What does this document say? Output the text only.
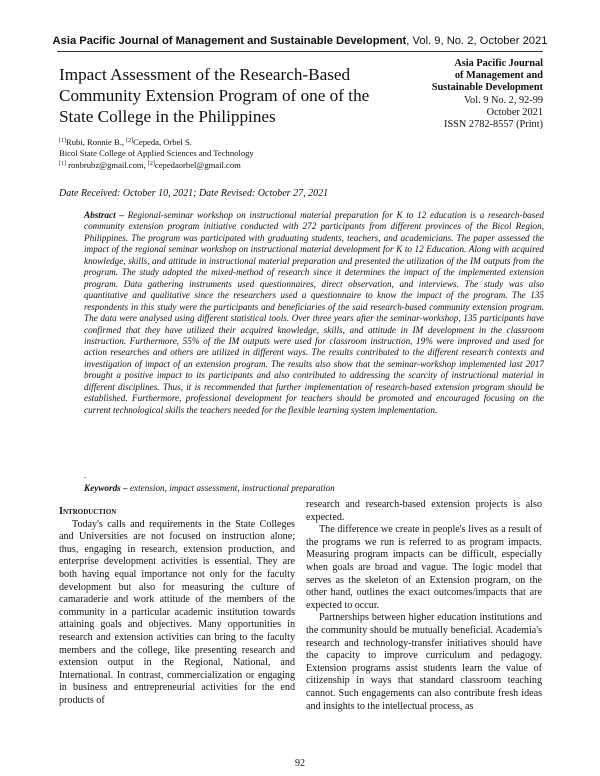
Asia Pacific Journal of Management and Sustainable Development, Vol. 9, No. 2, October 2021
Impact Assessment of the Research-Based Community Extension Program of one of the State College in the Philippines
Asia Pacific Journal
of Management and
Sustainable Development
Vol. 9 No. 2, 92-99
October 2021
ISSN 2782-8557 (Print)
[1]Rubi, Ronnie B., [2]Cepeda, Orbel S.
Bicol State College of Applied Sciences and Technology
[1] ronbrubz@gmail.com, [2]cepedaorbel@gmail.com
Date Received: October 10, 2021; Date Revised: October 27, 2021
Abstract – Regional-seminar workshop on instructional material preparation for K to 12 education is a research-based community extension program initiative conducted with 272 participants from different provinces of the Bicol Region, Philippines. The program was participated with graduating students, teachers, and academicians. The paper assessed the impact of the regional seminar workshop on instructional material development for K to 12 Education. Along with acquired knowledge, skills, and attitude in instructional material preparation and presented the utilization of the IM outputs from the program. The study adopted the mixed-method of research since it determines the impact of the implemented extension program. Data gathering instruments used questionnaires, direct observation, and interviews. The study was also quantitative and qualitative since the researchers used a questionnaire to know the impact of the program. The 135 respondents in this study were the participants and beneficiaries of the said research-based community extension program. The data were analysed using different statistical tools. Over three years after the seminar-workshop, 135 participants have confirmed that they have utilized their acquired knowledge, skills, and attitude in IM development in the classroom instruction. Furthermore, 55% of the IM outputs were used for classroom instruction, 19% were improved and used for action researches and others are utilized in different ways. The results contributed to the different research contexts and investigation of impact of an extension program. The results also show that the seminar-workshop implemented last 2017 brought a positive impact to its participants and also contributed to addressing the scarcity of instructional material in different disciplines. Thus, it is recommended that further implementation of research-based extension program should be established. Furthermore, professional development for teachers should be promoted and encouraged focusing on the current technological skills the teachers needed for the flexible learning system implementation.
.
Keywords – extension, impact assessment, instructional preparation

Introduction

Today's calls and requirements in the State Colleges and Universities are not focused on instruction alone; thus, engaging in research, extension production, and enterprise development activities is essential. They are both having equal importance not only for the faculty development but also for measuring the culture of camaraderie and work attitude of the members of the community in a particular academic institution towards attaining goals and objectives. Many opportunities in research and extension activities can bring to the faculty members and the college, like presenting research and extension output in the Regional, National, and International. In contrast, commercialization or engaging in business and entrepreneurial activities for the end products of

research and research-based extension projects is also expected.

The difference we create in people's lives as a result of the programs we run is referred to as program impacts. Measuring program impacts can be difficult, especially when goals are broad and vague. The logic model that serves as the skeleton of an Extension program, on the other hand, outlines the exact outcomes/impacts that are expected to occur.

Partnerships between higher education institutions and the community should be mutually beneficial. Academia's research and technology-transfer initiatives should have the capacity to improve curriculum and pedagogy. Extension programs assist students learn the value of citizenship in ways that standard classroom teaching cannot. Such engagements can also contribute fresh ideas and insights to the intellectual process, as

92
